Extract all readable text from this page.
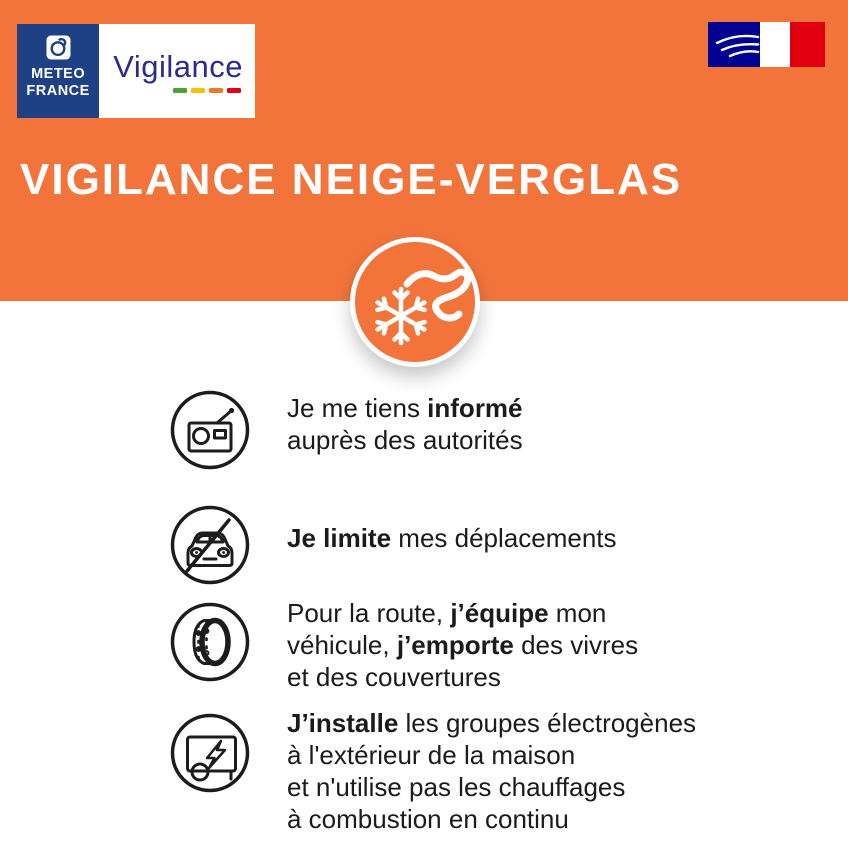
METEO
FRANCE
Vigilance
VIGILANCE NEIGE-VERGLAS
Je me tiens informé
auprès des autorités
Je limite mes déplacements
Pour la route, j’équipe mon
véhicule, j’emporte des vivres
et des couvertures
J’installe les groupes électrogènes
à l'extérieur de la maison
et n'utilise pas les chauffages
à combustion en continu
